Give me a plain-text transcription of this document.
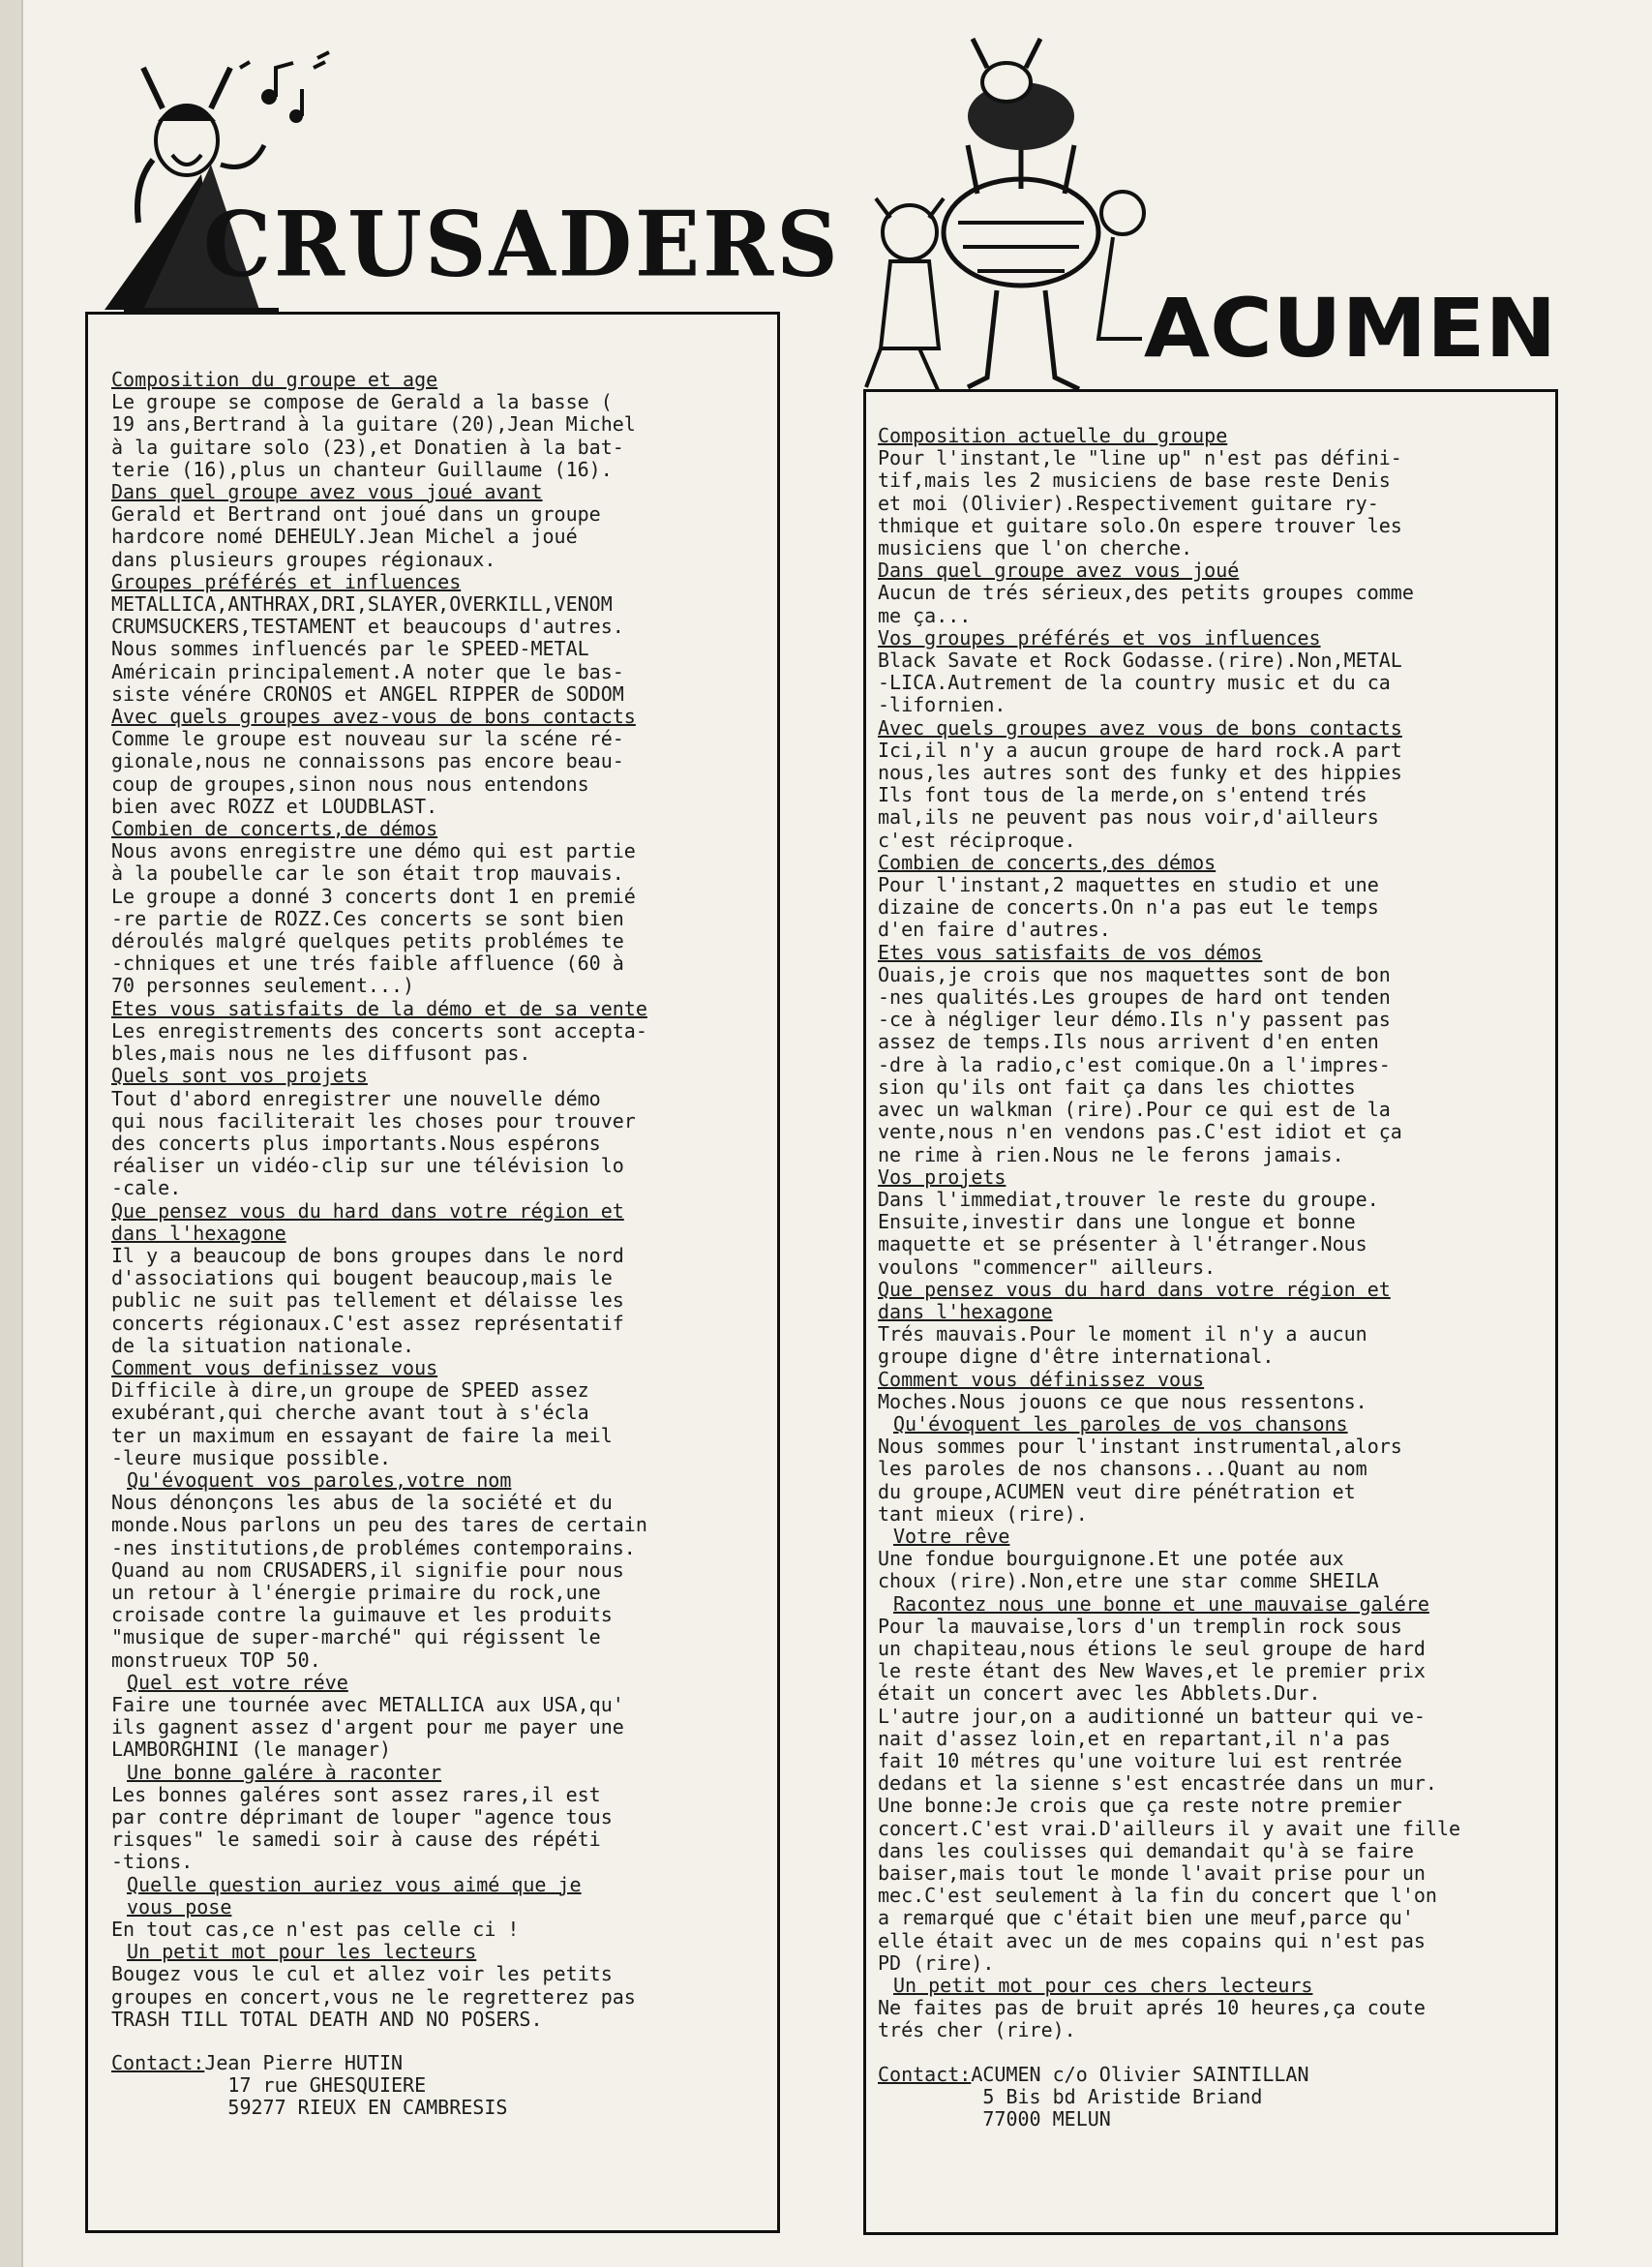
CRUSADERS
ACUMEN
Composition du groupe et age
Le groupe se compose de Gerald a la basse (
19 ans,Bertrand à la guitare (20),Jean Michel
à la guitare solo (23),et Donatien à la bat-
terie (16),plus un chanteur Guillaume (16).
Dans quel groupe avez vous joué avant
Gerald et Bertrand ont joué dans un groupe
hardcore nomé DEHEULY.Jean Michel a joué
dans plusieurs groupes régionaux.
Groupes préférés et influences
METALLICA,ANTHRAX,DRI,SLAYER,OVERKILL,VENOM
CRUMSUCKERS,TESTAMENT et beaucoups d'autres.
Nous sommes influencés par le SPEED-METAL
Américain principalement.A noter que le bas-
siste vénére CRONOS et ANGEL RIPPER de SODOM
Avec quels groupes avez-vous de bons contacts
Comme le groupe est nouveau sur la scéne ré-
gionale,nous ne connaissons pas encore beau-
coup de groupes,sinon nous nous entendons
bien avec ROZZ et LOUDBLAST.
Combien de concerts,de démos
Nous avons enregistre une démo qui est partie
à la poubelle car le son était trop mauvais.
Le groupe a donné 3 concerts dont 1 en premié
-re partie de ROZZ.Ces concerts se sont bien
déroulés malgré quelques petits problémes te
-chniques et une trés faible affluence (60 à
70 personnes seulement...)
Etes vous satisfaits de la démo et de sa vente
Les enregistrements des concerts sont accepta-
bles,mais nous ne les diffusont pas.
Quels sont vos projets
Tout d'abord enregistrer une nouvelle démo
qui nous faciliterait les choses pour trouver
des concerts plus importants.Nous espérons
réaliser un vidéo-clip sur une télévision lo
-cale.
Que pensez vous du hard dans votre région et
dans l'hexagone
Il y a beaucoup de bons groupes dans le nord
d'associations qui bougent beaucoup,mais le
public ne suit pas tellement et délaisse les
concerts régionaux.C'est assez représentatif
de la situation nationale.
Comment vous definissez vous
Difficile à dire,un groupe de SPEED assez
exubérant,qui cherche avant tout à s'écla
ter un maximum en essayant de faire la meil
-leure musique possible.
Qu'évoquent vos paroles,votre nom
Nous dénonçons les abus de la société et du
monde.Nous parlons un peu des tares de certain
-nes institutions,de problémes contemporains.
Quand au nom CRUSADERS,il signifie pour nous
un retour à l'énergie primaire du rock,une
croisade contre la guimauve et les produits
"musique de super-marché" qui régissent le
monstrueux TOP 50.
Quel est votre réve
Faire une tournée avec METALLICA aux USA,qu'
ils gagnent assez d'argent pour me payer une
LAMBORGHINI (le manager)
Une bonne galére à raconter
Les bonnes galéres sont assez rares,il est
par contre déprimant de louper "agence tous
risques" le samedi soir à cause des répéti
-tions.
Quelle question auriez vous aimé que je
vous pose
En tout cas,ce n'est pas celle ci !
Un petit mot pour les lecteurs
Bougez vous le cul et allez voir les petits
groupes en concert,vous ne le regretterez pas
TRASH TILL TOTAL DEATH AND NO POSERS.
Contact:Jean Pierre HUTIN
17 rue GHESQUIERE
59277 RIEUX EN CAMBRESIS
Composition actuelle du groupe
Pour l'instant,le "line up" n'est pas défini-
tif,mais les 2 musiciens de base reste Denis
et moi (Olivier).Respectivement guitare ry-
thmique et guitare solo.On espere trouver les
musiciens que l'on cherche.
Dans quel groupe avez vous joué
Aucun de trés sérieux,des petits groupes comme
me ça...
Vos groupes préférés et vos influences
Black Savate et Rock Godasse.(rire).Non,METAL
-LICA.Autrement de la country music et du ca
-lifornien.
Avec quels groupes avez vous de bons contacts
Ici,il n'y a aucun groupe de hard rock.A part
nous,les autres sont des funky et des hippies
Ils font tous de la merde,on s'entend trés
mal,ils ne peuvent pas nous voir,d'ailleurs
c'est réciproque.
Combien de concerts,des démos
Pour l'instant,2 maquettes en studio et une
dizaine de concerts.On n'a pas eut le temps
d'en faire d'autres.
Etes vous satisfaits de vos démos
Ouais,je crois que nos maquettes sont de bon
-nes qualités.Les groupes de hard ont tenden
-ce à négliger leur démo.Ils n'y passent pas
assez de temps.Ils nous arrivent d'en enten
-dre à la radio,c'est comique.On a l'impres-
sion qu'ils ont fait ça dans les chiottes
avec un walkman (rire).Pour ce qui est de la
vente,nous n'en vendons pas.C'est idiot et ça
ne rime à rien.Nous ne le ferons jamais.
Vos projets
Dans l'immediat,trouver le reste du groupe.
Ensuite,investir dans une longue et bonne
maquette et se présenter à l'étranger.Nous
voulons "commencer" ailleurs.
Que pensez vous du hard dans votre région et
dans l'hexagone
Trés mauvais.Pour le moment il n'y a aucun
groupe digne d'être international.
Comment vous définissez vous
Moches.Nous jouons ce que nous ressentons.
Qu'évoquent les paroles de vos chansons
Nous sommes pour l'instant instrumental,alors
les paroles de nos chansons...Quant au nom
du groupe,ACUMEN veut dire pénétration et
tant mieux (rire).
Votre rêve
Une fondue bourguignone.Et une potée aux
choux (rire).Non,etre une star comme SHEILA
Racontez nous une bonne et une mauvaise galére
Pour la mauvaise,lors d'un tremplin rock sous
un chapiteau,nous étions le seul groupe de hard
le reste étant des New Waves,et le premier prix
était un concert avec les Abblets.Dur.
L'autre jour,on a auditionné un batteur qui ve-
nait d'assez loin,et en repartant,il n'a pas
fait 10 métres qu'une voiture lui est rentrée
dedans et la sienne s'est encastrée dans un mur.
Une bonne:Je crois que ça reste notre premier
concert.C'est vrai.D'ailleurs il y avait une fille
dans les coulisses qui demandait qu'à se faire
baiser,mais tout le monde l'avait prise pour un
mec.C'est seulement à la fin du concert que l'on
a remarqué que c'était bien une meuf,parce qu'
elle était avec un de mes copains qui n'est pas
PD (rire).
Un petit mot pour ces chers lecteurs
Ne faites pas de bruit aprés 10 heures,ça coute
trés cher (rire).
Contact:ACUMEN c/o Olivier SAINTILLAN
5 Bis bd Aristide Briand
77000 MELUN
